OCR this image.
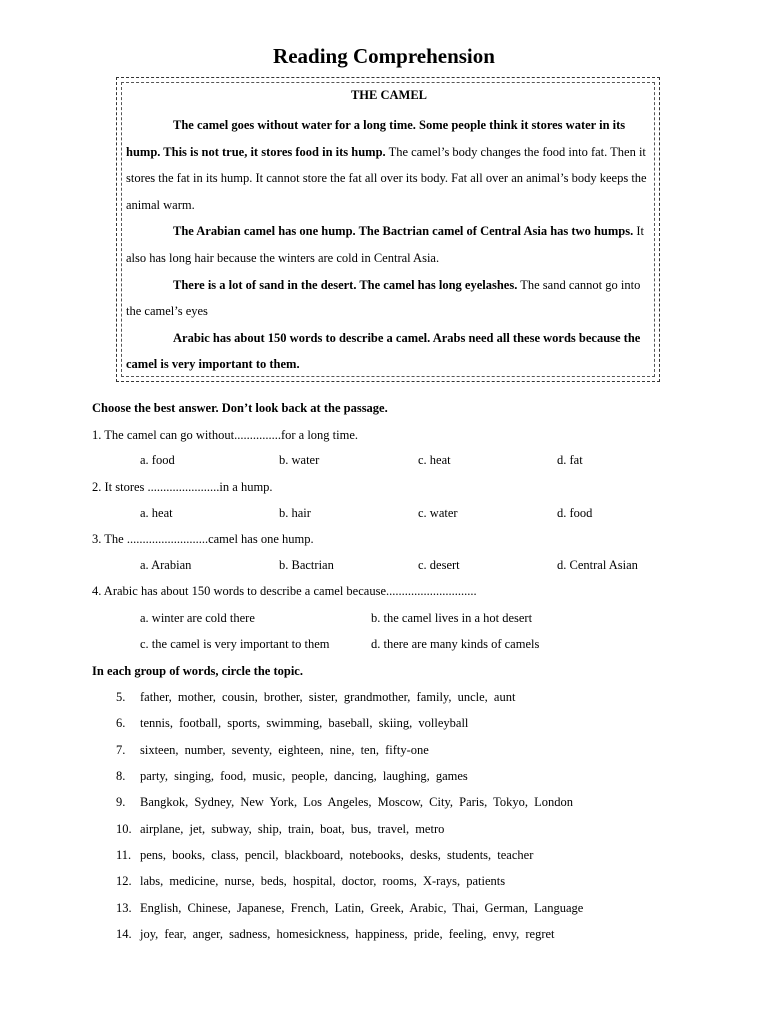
Reading Comprehension
THE CAMEL

The camel goes without water for a long time. Some people think it stores water in its hump. This is not true, it stores food in its hump. The camel’s body changes the food into fat. Then it stores the fat in its hump. It cannot store the fat all over its body. Fat all over an animal’s body keeps the animal warm.

The Arabian camel has one hump. The Bactrian camel of Central Asia has two humps. It also has long hair because the winters are cold in Central Asia.

There is a lot of sand in the desert. The camel has long eyelashes. The sand cannot go into the camel’s eyes

Arabic has about 150 words to describe a camel. Arabs need all these words because the camel is very important to them.

Choose the best answer. Don’t look back at the passage.
1. The camel can go without...............for a long time.
a. food	b. water	c. heat	d. fat
2. It stores .......................in a hump.
a. heat	b. hair	c. water	d. food
3. The ..........................camel has one hump.
a. Arabian	b. Bactrian	c. desert	d. Central Asian
4. Arabic has about 150 words to describe a camel because.............................
a. winter are cold there	b. the camel lives in a hot desert
c. the camel is very important to them	d. there are many kinds of camels
In each group of words, circle the topic.
5. father, mother, cousin, brother, sister, grandmother, family, uncle, aunt
6. tennis, football, sports, swimming, baseball, skiing, volleyball
7. sixteen, number, seventy, eighteen, nine, ten, fifty-one
8. party, singing, food, music, people, dancing, laughing, games
9. Bangkok, Sydney, New York, Los Angeles, Moscow, City, Paris, Tokyo, London
10. airplane, jet, subway, ship, train, boat, bus, travel, metro
11. pens, books, class, pencil, blackboard, notebooks, desks, students, teacher
12. labs, medicine, nurse, beds, hospital, doctor, rooms, X-rays, patients
13. English, Chinese, Japanese, French, Latin, Greek, Arabic, Thai, German, Language
14. joy, fear, anger, sadness, homesickness, happiness, pride, feeling, envy, regret
